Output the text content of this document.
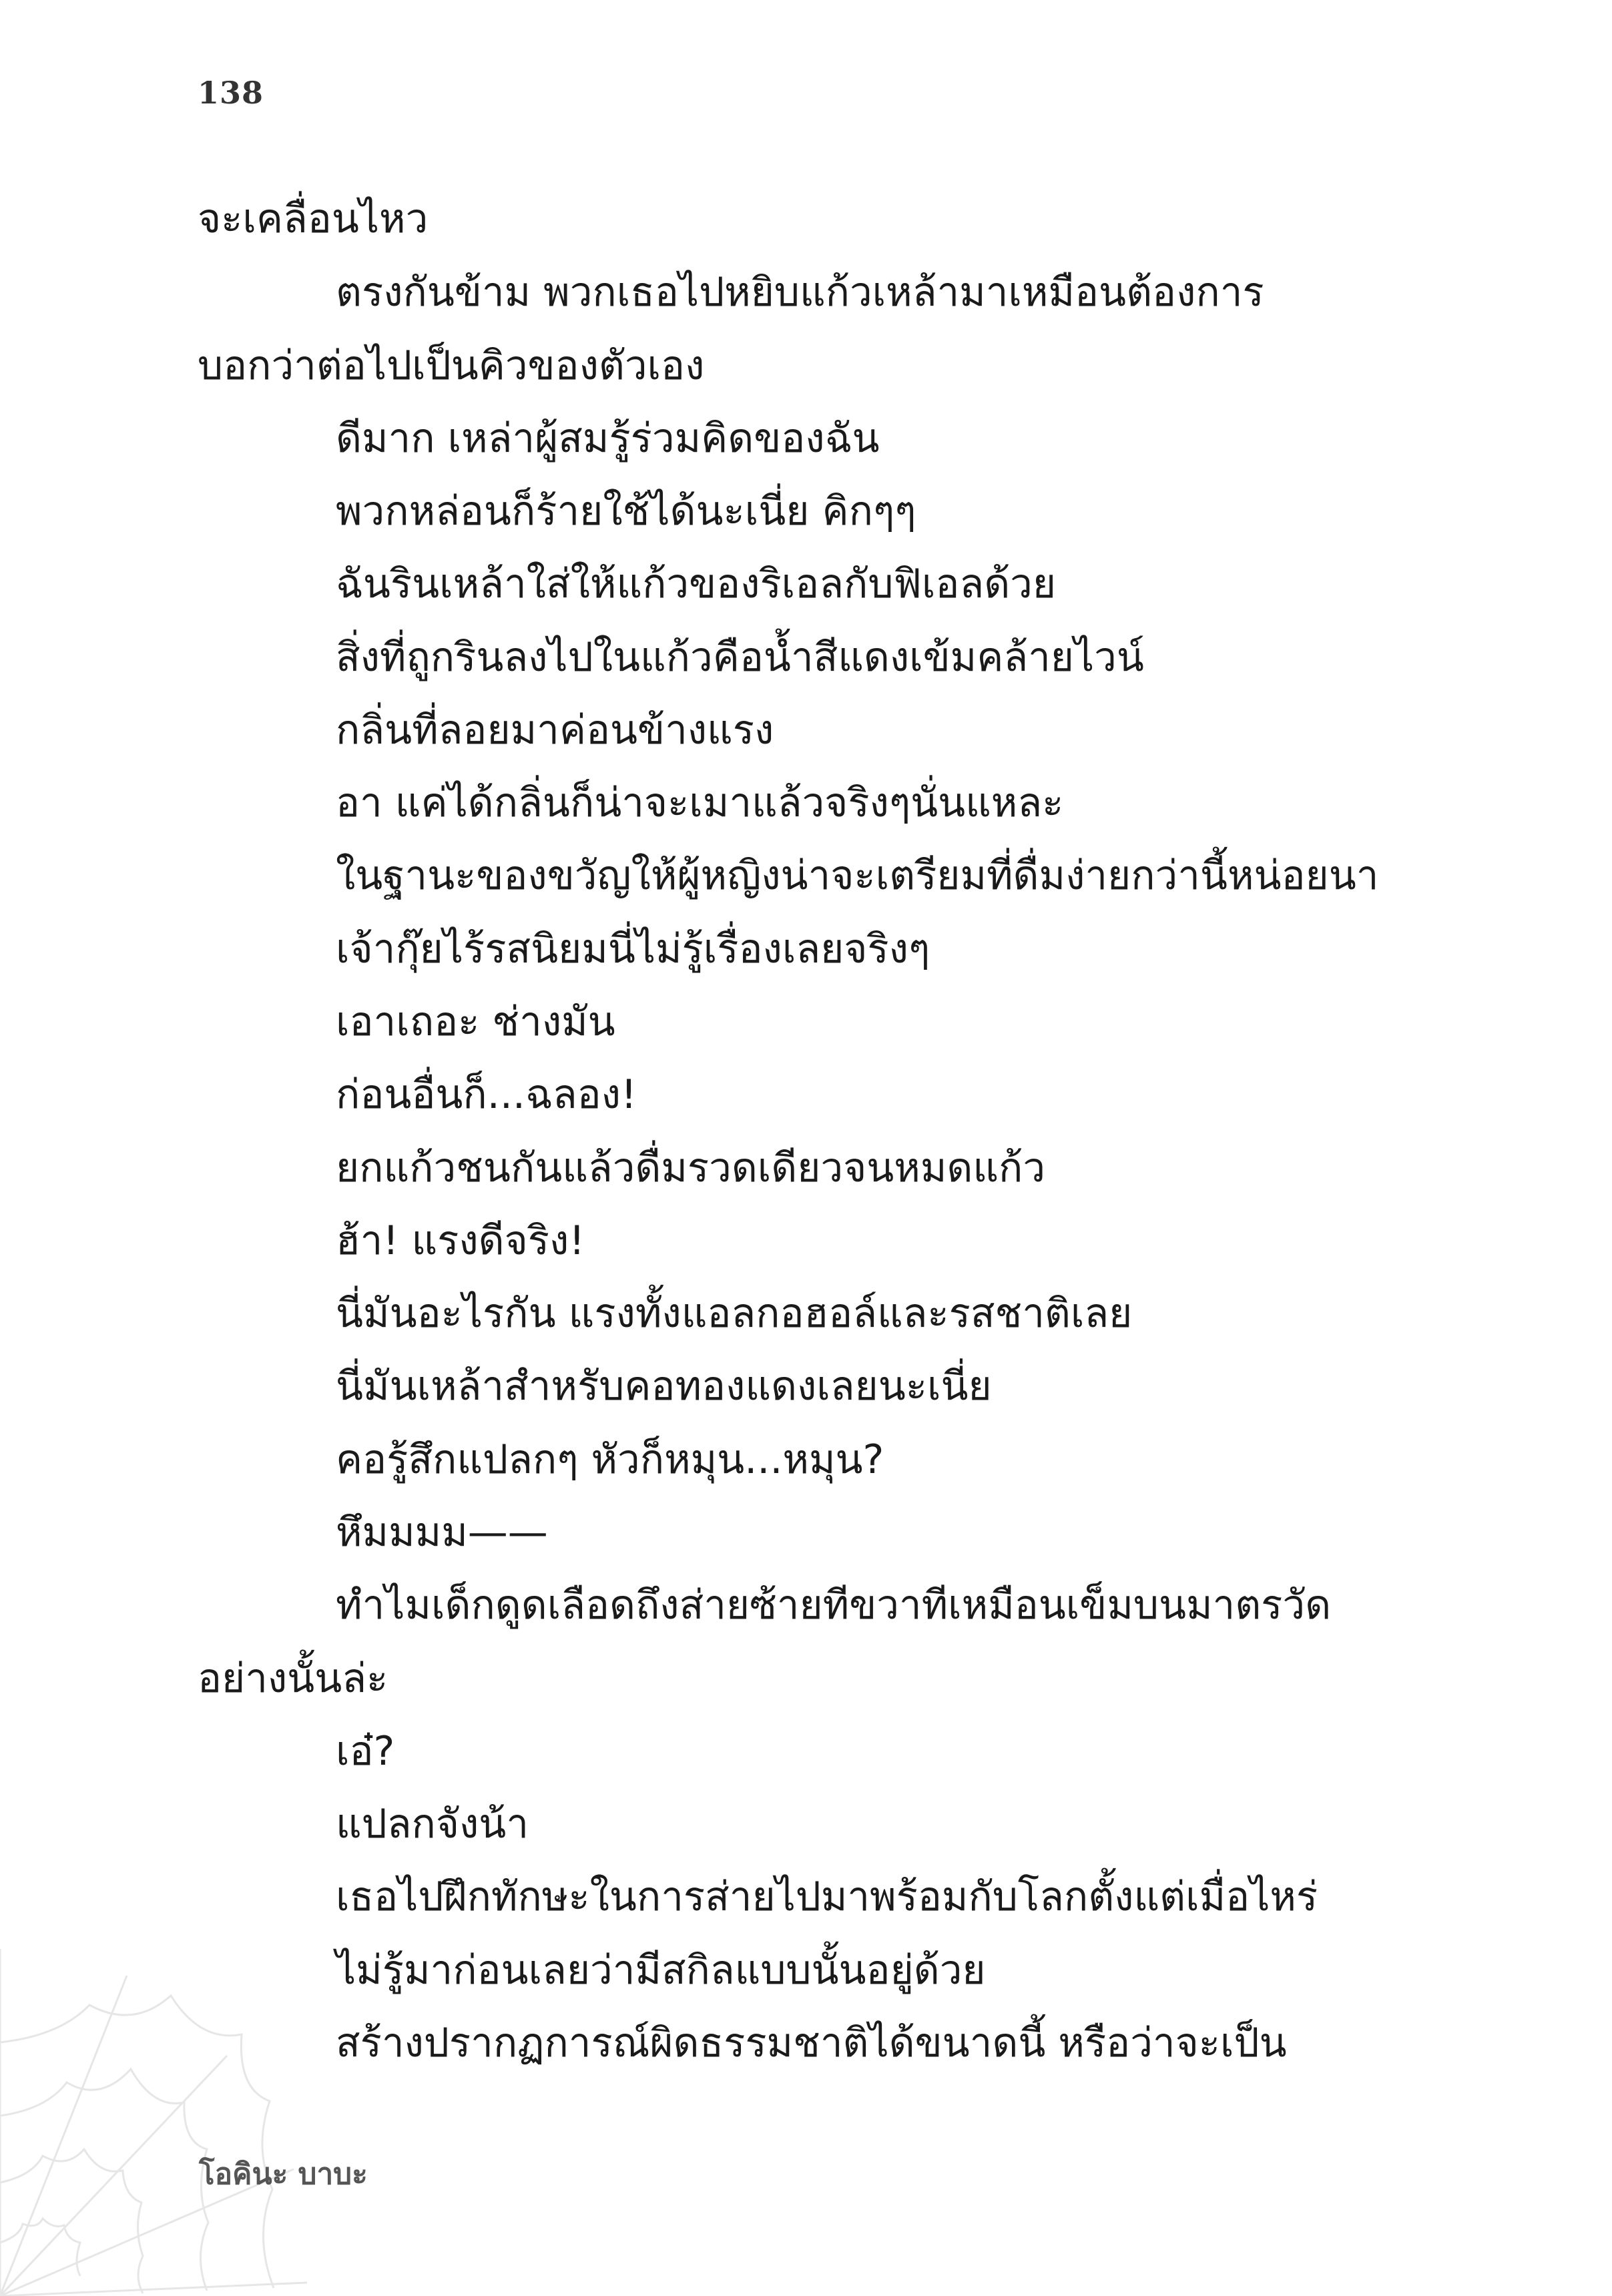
138
จะเคลื่อนไหว
ตรงกันข้าม พวกเธอไปหยิบแก้วเหล้ามาเหมือนต้องการ
บอกว่าต่อไปเป็นคิวของตัวเอง
ดีมาก เหล่าผู้สมรู้ร่วมคิดของฉัน
พวกหล่อนก็ร้ายใช้ได้นะเนี่ย คิกๆๆ
ฉันรินเหล้าใส่ให้แก้วของริเอลกับฟิเอลด้วย
สิ่งที่ถูกรินลงไปในแก้วคือน้ำสีแดงเข้มคล้ายไวน์
กลิ่นที่ลอยมาค่อนข้างแรง
อา แค่ได้กลิ่นก็น่าจะเมาแล้วจริงๆนั่นแหละ
ในฐานะของขวัญให้ผู้หญิงน่าจะเตรียมที่ดื่มง่ายกว่านี้หน่อยนา
เจ้ากุ๊ยไร้รสนิยมนี่ไม่รู้เรื่องเลยจริงๆ
เอาเถอะ ช่างมัน
ก่อนอื่นก็...ฉลอง!
ยกแก้วชนกันแล้วดื่มรวดเดียวจนหมดแก้ว
ฮ้า! แรงดีจริง!
นี่มันอะไรกัน แรงทั้งแอลกอฮอล์และรสชาติเลย
นี่มันเหล้าสำหรับคอทองแดงเลยนะเนี่ย
คอรู้สึกแปลกๆ หัวก็หมุน...หมุน?
หึมมมม——
ทำไมเด็กดูดเลือดถึงส่ายซ้ายทีขวาทีเหมือนเข็มบนมาตรวัด
อย่างนั้นล่ะ
เอ๋?
แปลกจังน้า
เธอไปฝึกทักษะในการส่ายไปมาพร้อมกับโลกตั้งแต่เมื่อไหร่
ไม่รู้มาก่อนเลยว่ามีสกิลแบบนั้นอยู่ด้วย
สร้างปรากฏการณ์ผิดธรรมชาติได้ขนาดนี้ หรือว่าจะเป็น
โอคินะ บาบะ
